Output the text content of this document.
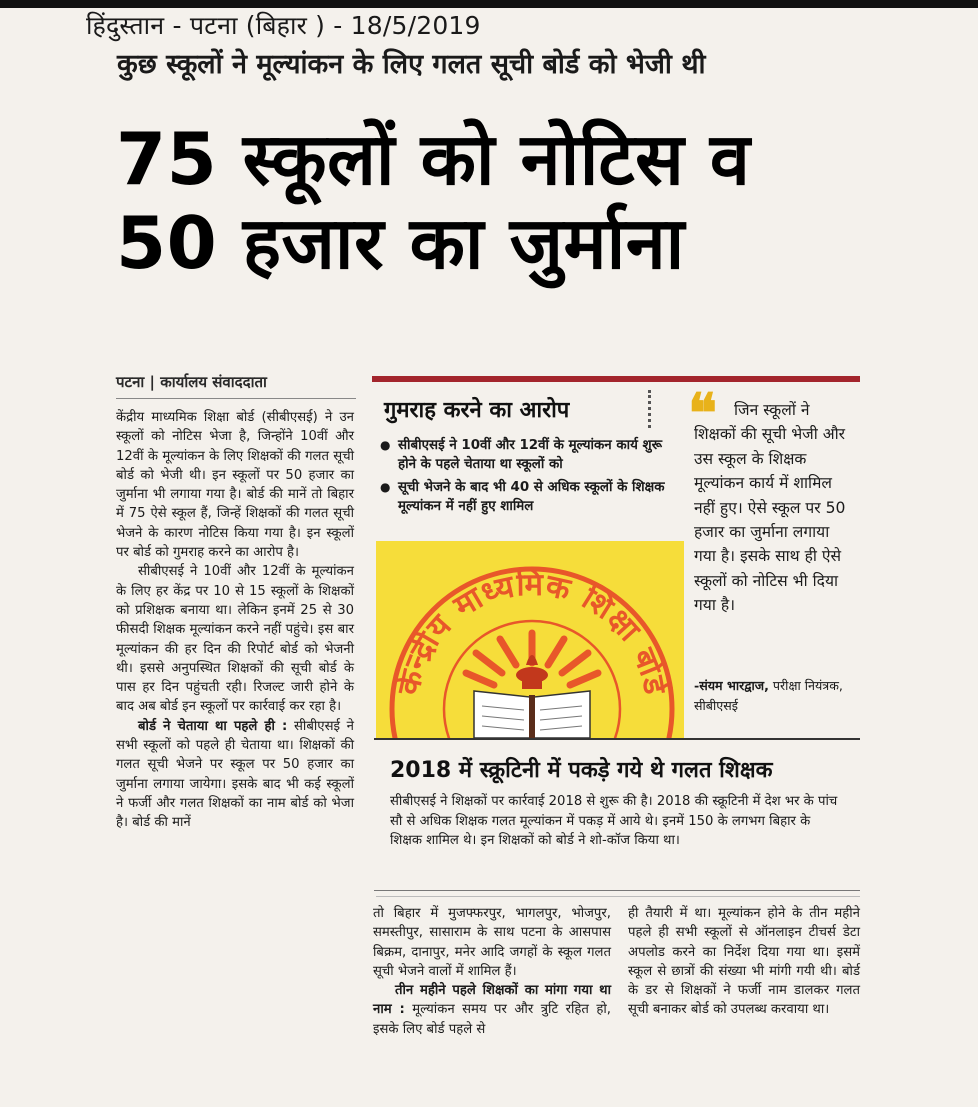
हिंदुस्तान - पटना (बिहार ) - 18/5/2019
कुछ स्कूलों ने मूल्यांकन के लिए गलत सूची बोर्ड को भेजी थी
75 स्कूलों को नोटिस व
50 हजार का जुर्माना
पटना | कार्यालय संवाददाता

केंद्रीय माध्यमिक शिक्षा बोर्ड (सीबीएसई) ने उन स्कूलों को नोटिस भेजा है, जिन्होंने 10वीं और 12वीं के मूल्यांकन के लिए शिक्षकों की गलत सूची बोर्ड को भेजी थी। इन स्कूलों पर 50 हजार का जुर्माना भी लगाया गया है। बोर्ड की मानें तो बिहार में 75 ऐसे स्कूल हैं, जिन्हें शिक्षकों की गलत सूची भेजने के कारण नोटिस किया गया है। इन स्कूलों पर बोर्ड को गुमराह करने का आरोप है।

सीबीएसई ने 10वीं और 12वीं के मूल्यांकन के लिए हर केंद्र पर 10 से 15 स्कूलों के शिक्षकों को प्रशिक्षक बनाया था। लेकिन इनमें 25 से 30 फीसदी शिक्षक मूल्यांकन करने नहीं पहुंचे। इस बार मूल्यांकन की हर दिन की रिपोर्ट बोर्ड को भेजनी थी। इससे अनुपस्थित शिक्षकों की सूची बोर्ड के पास हर दिन पहुंचती रही। रिजल्ट जारी होने के बाद अब बोर्ड इन स्कूलों पर कार्रवाई कर रहा है।

बोर्ड ने चेताया था पहले ही : सीबीएसई ने सभी स्कूलों को पहले ही चेताया था। शिक्षकों की गलत सूची भेजने पर स्कूल पर 50 हजार का जुर्माना लगाया जायेगा। इसके बाद भी कई स्कूलों ने फर्जी और गलत शिक्षकों का नाम बोर्ड को भेजा है। बोर्ड की मानें

तो बिहार में मुजफ्फरपुर, भागलपुर, भोजपुर, समस्तीपुर, सासाराम के साथ पटना के आसपास बिक्रम, दानापुर, मनेर आदि जगहों के स्कूल गलत सूची भेजने वालों में शामिल हैं।

तीन महीने पहले शिक्षकों का मांगा गया था नाम : मूल्यांकन समय पर और त्रुटि रहित हो, इसके लिए बोर्ड पहले से

ही तैयारी में था। मूल्यांकन होने के तीन महीने पहले ही सभी स्कूलों से ऑनलाइन टीचर्स डेटा अपलोड करने का निर्देश दिया गया था। इसमें स्कूल से छात्रों की संख्या भी मांगी गयी थी। बोर्ड के डर से शिक्षकों ने फर्जी नाम डालकर गलत सूची बनाकर बोर्ड को उपलब्ध करवाया था।

गुमराह करने का आरोप
● सीबीएसई ने 10वीं और 12वीं के मूल्यांकन कार्य शुरू होने के पहले चेताया था स्कूलों को
● सूची भेजने के बाद भी 40 से अधिक स्कूलों के शिक्षक मूल्यांकन में नहीं हुए शामिल
केन्द्रीय माध्यमिक शिक्षा बोर्ड
❝	जिन स्कूलों ने शिक्षकों की सूची भेजी और उस स्कूल के शिक्षक मूल्यांकन कार्य में शामिल नहीं हुए। ऐसे स्कूल पर 50 हजार का जुर्माना लगाया गया है। इसके साथ ही ऐसे स्कूलों को नोटिस भी दिया गया है।
-संयम भारद्वाज, परीक्षा नियंत्रक, सीबीएसई
2018 में स्क्रूटिनी में पकड़े गये थे गलत शिक्षक
सीबीएसई ने शिक्षकों पर कार्रवाई 2018 से शुरू की है। 2018 की स्क्रूटिनी में देश भर के पांच सौ से अधिक शिक्षक गलत मूल्यांकन में पकड़ में आये थे। इनमें 150 के लगभग बिहार के शिक्षक शामिल थे। इन शिक्षकों को बोर्ड ने शो-कॉज किया था।
